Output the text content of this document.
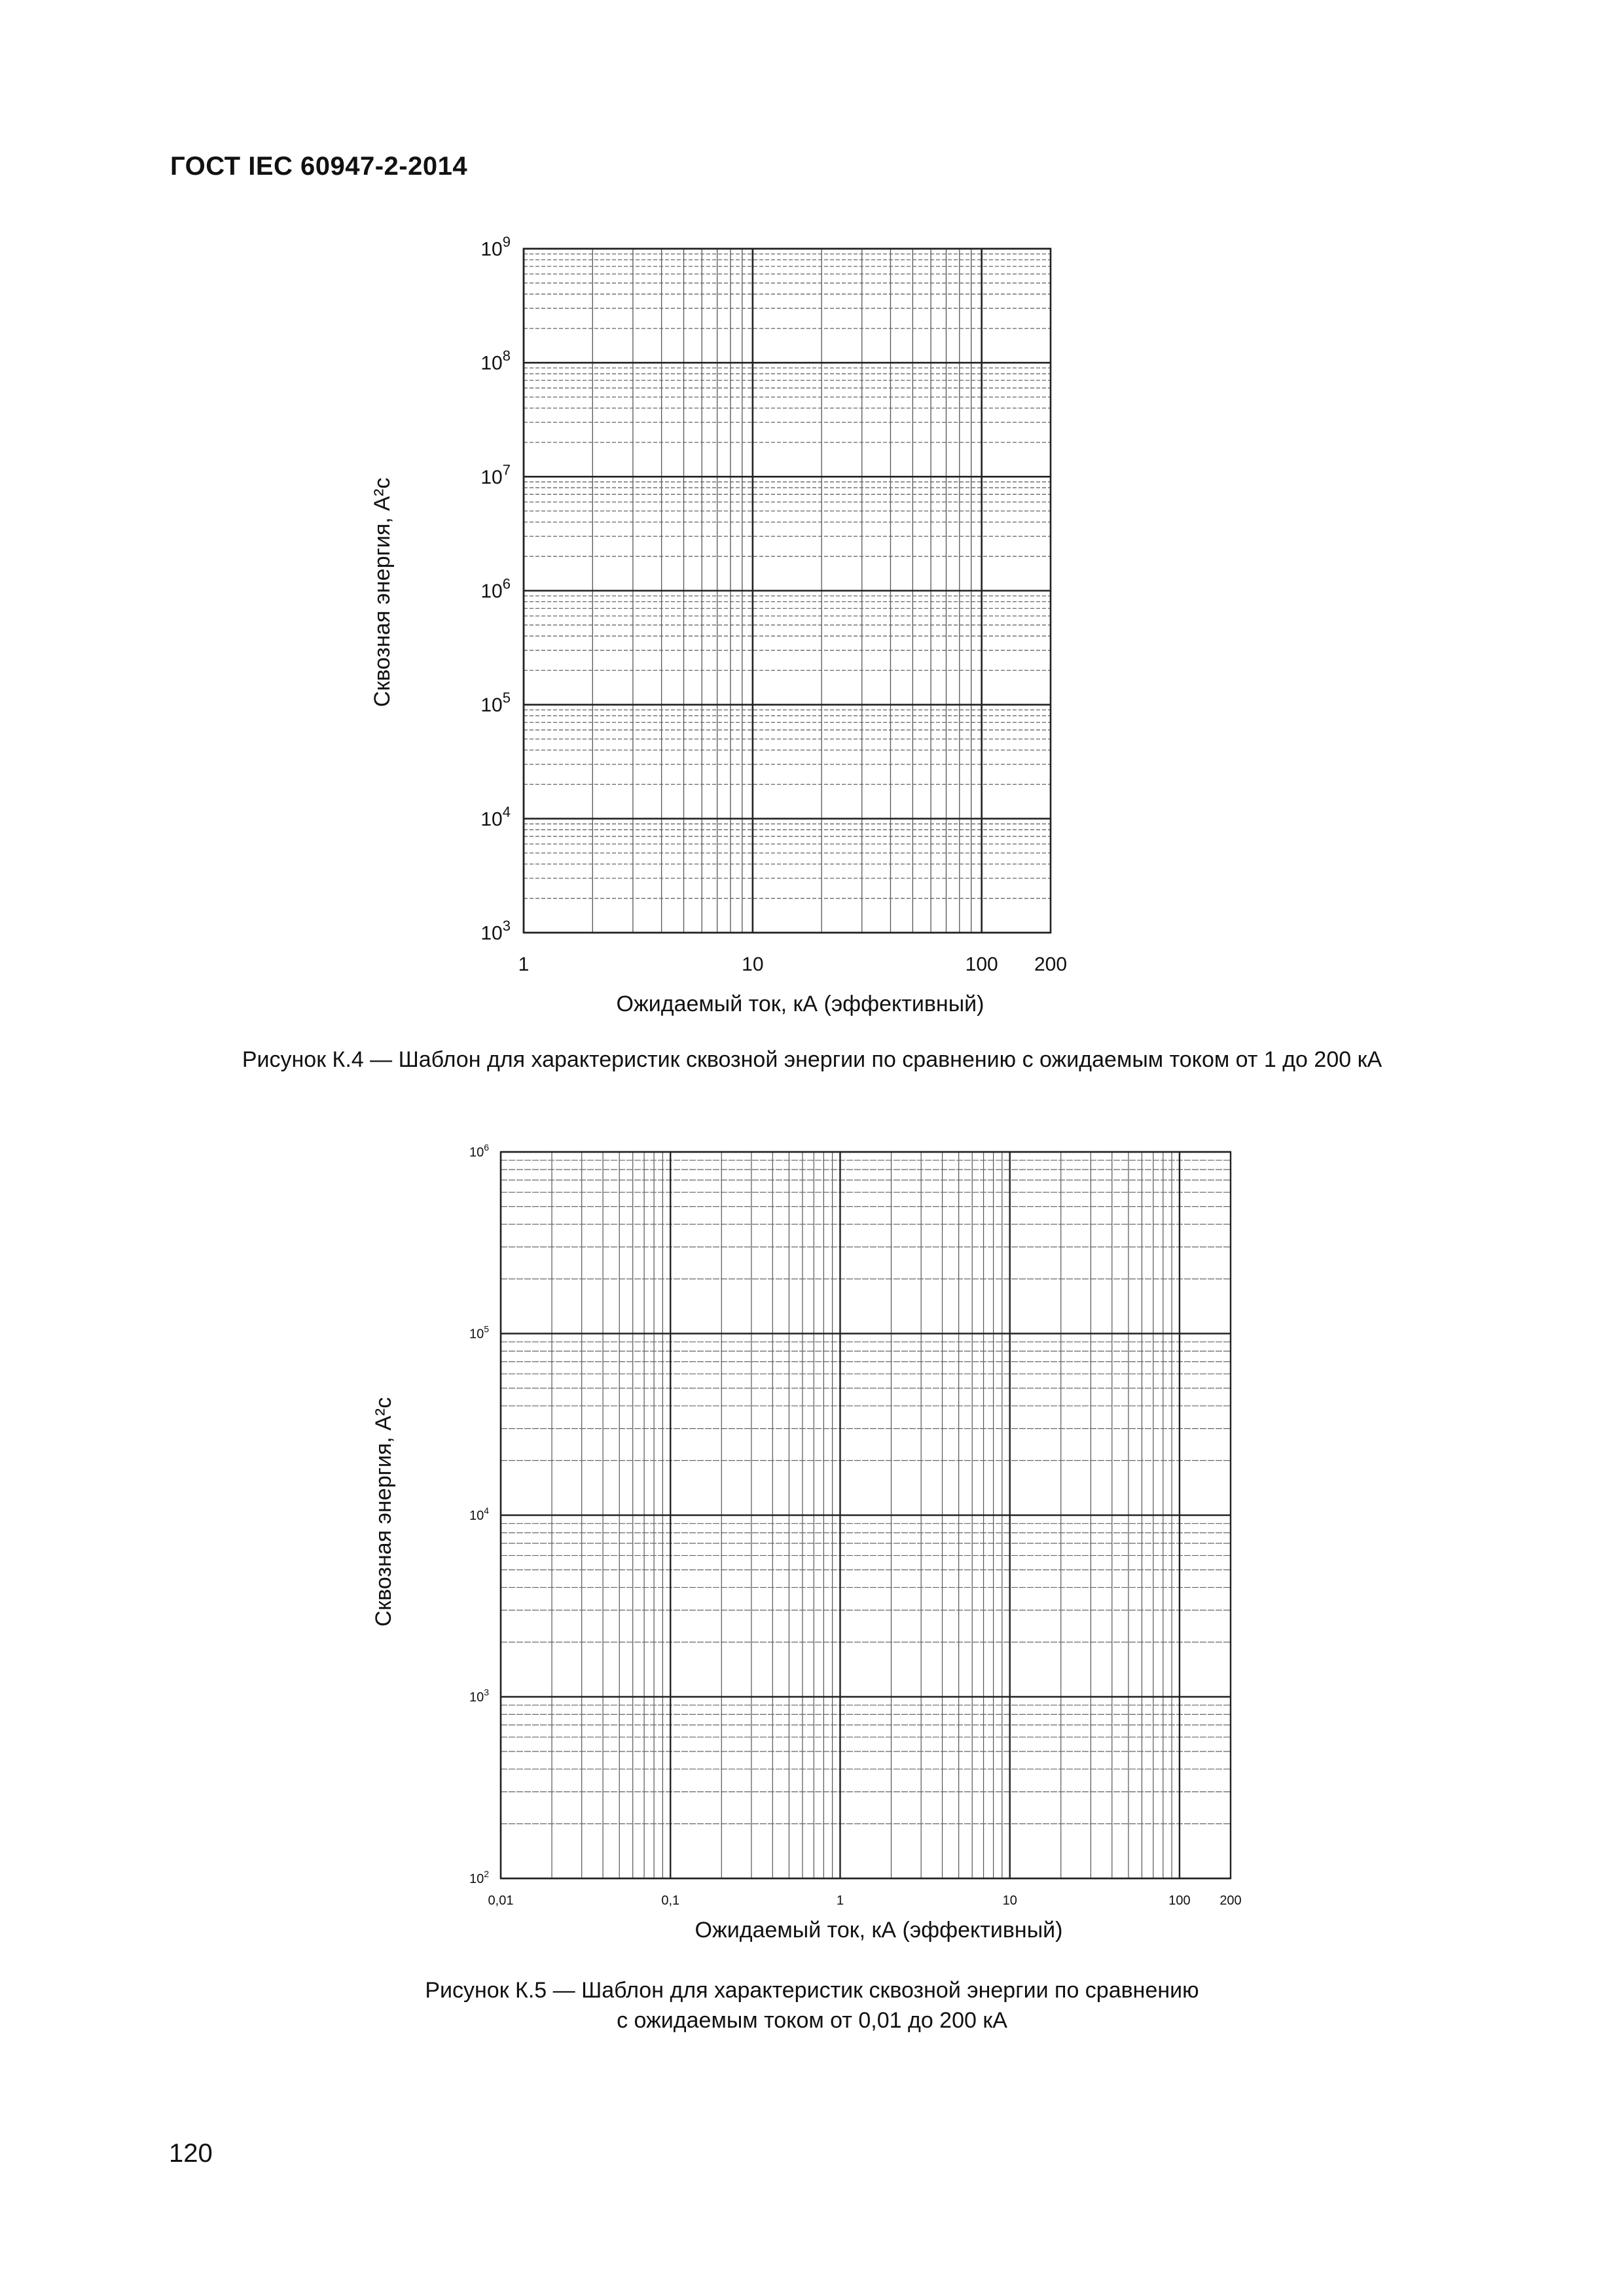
ГОСТ IEC 60947-2-2014
1	10	100 200
$10^3$
$10^4$
$10^5$
$10^6$
$10^7$
$10^8$
$10^9$
Ожидаемый ток, кА (эффективный)
Сквозная энергия, A²c
0,01	0,1	1	10	100 200
$10^2$
$10^3$
$10^4$
$10^5$
$10^6$
Ожидаемый ток, кА (эффективный)
Сквозная энергия, A²c
Рисунок К.4 — Шаблон для характеристик сквозной энергии по сравнению с ожидаемым током от 1 до 200 кА
Рисунок К.5 — Шаблон для характеристик сквозной энергии по сравнению
с ожидаемым током от 0,01 до 200 кА
120
